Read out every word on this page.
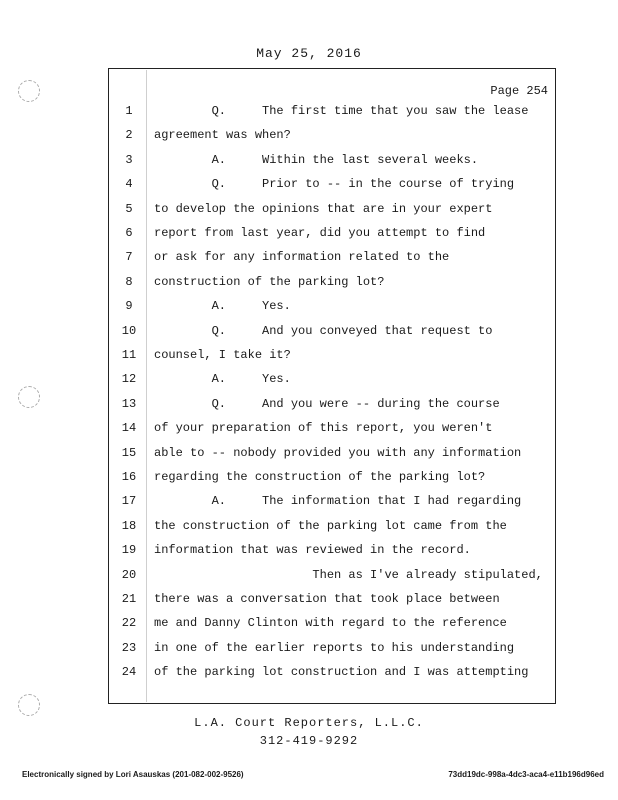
May 25, 2016
Page 254
1	Q.     The first time that you saw the lease
2	agreement was when?
3	A.     Within the last several weeks.
4	Q.     Prior to -- in the course of trying
5	to develop the opinions that are in your expert
6	report from last year, did you attempt to find
7	or ask for any information related to the
8	construction of the parking lot?
9	A.     Yes.
10	Q.     And you conveyed that request to
11	counsel, I take it?
12	A.     Yes.
13	Q.     And you were -- during the course
14	of your preparation of this report, you weren't
15	able to -- nobody provided you with any information
16	regarding the construction of the parking lot?
17	A.     The information that I had regarding
18	the construction of the parking lot came from the
19	information that was reviewed in the record.
20	Then as I've already stipulated,
21	there was a conversation that took place between
22	me and Danny Clinton with regard to the reference
23	in one of the earlier reports to his understanding
24	of the parking lot construction and I was attempting
L.A. Court Reporters, L.L.C.
312-419-9292
Electronically signed by Lori Asauskas (201-082-002-9526)	73dd19dc-998a-4dc3-aca4-e11b196d96ed
